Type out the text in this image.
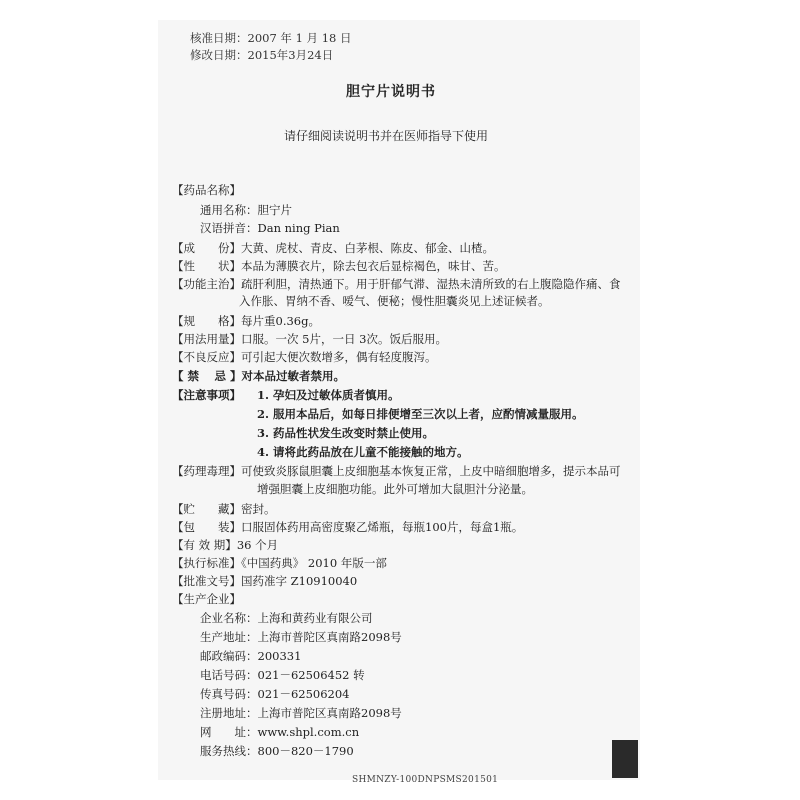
核准日期：2007 年 1 月 18 日
修改日期：2015年3月24日
胆宁片说明书
请仔细阅读说明书并在医师指导下使用
【药品名称】
通用名称：胆宁片
汉语拼音：Dan ning Pian
【成　　份】大黄、虎杖、青皮、白茅根、陈皮、郁金、山楂。
【性　　状】本品为薄膜衣片，除去包衣后显棕褐色，味甘、苦。
【功能主治】疏肝利胆，清热通下。用于肝郁气滞、湿热未清所致的右上腹隐隐作痛、食
入作胀、胃纳不香、嗳气、便秘；慢性胆囊炎见上述证候者。
【规　　格】每片重0.36g。
【用法用量】口服。一次 5片，一日 3次。饭后服用。
【不良反应】可引起大便次数增多，偶有轻度腹泻。
【 禁　 忌 】对本品过敏者禁用。
【注意事项】 1. 孕妇及过敏体质者慎用。
2. 服用本品后，如每日排便增至三次以上者，应酌情减量服用。
3. 药品性状发生改变时禁止使用。
4. 请将此药品放在儿童不能接触的地方。
【药理毒理】可使致炎豚鼠胆囊上皮细胞基本恢复正常，上皮中暗细胞增多，提示本品可
增强胆囊上皮细胞功能。此外可增加大鼠胆汁分泌量。
【贮　　藏】密封。
【包　　装】口服固体药用高密度聚乙烯瓶，每瓶100片，每盒1瓶。
【有 效 期】36 个月
【执行标准】《中国药典》 2010 年版一部
【批准文号】国药准字 Z10910040
【生产企业】
企业名称：上海和黄药业有限公司
生产地址：上海市普陀区真南路2098号
邮政编码：200331
电话号码：021－62506452 转
传真号码：021－62506204
注册地址：上海市普陀区真南路2098号
网　　址：www.shpl.com.cn
服务热线：800－820－1790
SHMNZY-100DNPSMS201501
